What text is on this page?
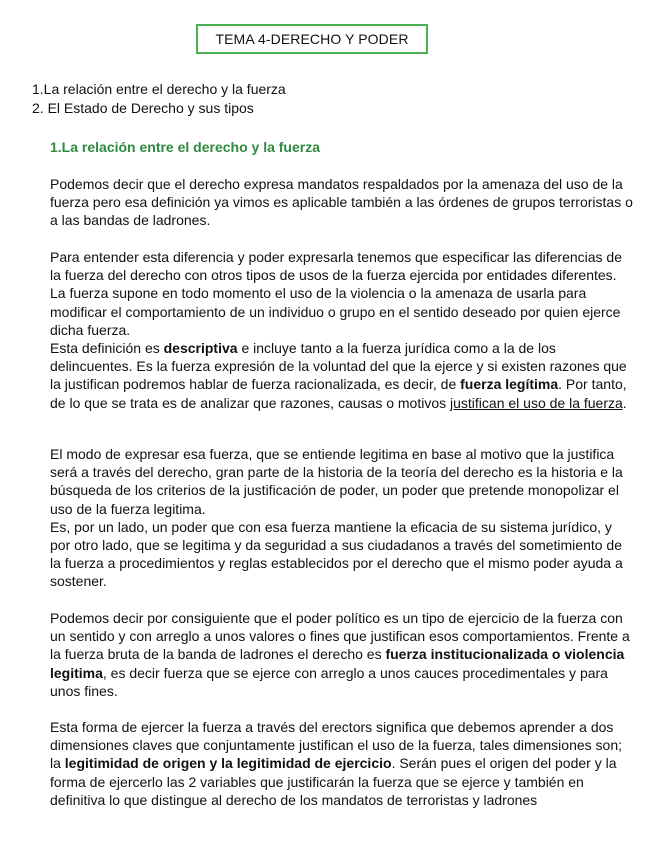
TEMA 4-DERECHO Y PODER
1.La relación entre el derecho y la fuerza
2. El Estado de Derecho y sus tipos
1.La relación entre el derecho y la fuerza

Podemos decir que el derecho expresa mandatos respaldados por la amenaza del uso de la fuerza pero esa definición ya vimos es aplicable también a las órdenes de grupos terroristas o a las bandas de ladrones.

Para entender esta diferencia y poder expresarla tenemos que especificar las diferencias de la fuerza del derecho con otros tipos de usos de la fuerza ejercida por entidades diferentes. La fuerza supone en todo momento el uso de la violencia o la amenaza de usarla para modificar el comportamiento de un individuo o grupo en el sentido deseado por quien ejerce dicha fuerza.

Esta definición es descriptiva e incluye tanto a la fuerza jurídica como a la de los delincuentes. Es la fuerza expresión de la voluntad del que la ejerce y si existen razones que la justifican podremos hablar de fuerza racionalizada, es decir, de fuerza legítima. Por tanto, de lo que se trata es de analizar que razones, causas o motivos justifican el uso de la fuerza.

El modo de expresar esa fuerza, que se entiende legitima en base al motivo que la justifica será a través del derecho, gran parte de la historia de la teoría del derecho es la historia e la búsqueda de los criterios de la justificación de poder, un poder que pretende monopolizar el uso de la fuerza legitima.

Es, por un lado, un poder que con esa fuerza mantiene la eficacia de su sistema jurídico, y por otro lado, que se legitima y da seguridad a sus ciudadanos a través del sometimiento de la fuerza a procedimientos y reglas establecidos por el derecho que el mismo poder ayuda a sostener.

Podemos decir por consiguiente que el poder político es un tipo de ejercicio de la fuerza con un sentido y con arreglo a unos valores o fines que justifican esos comportamientos. Frente a la fuerza bruta de la banda de ladrones el derecho es fuerza institucionalizada o violencia legitima, es decir fuerza que se ejerce con arreglo a unos cauces procedimentales y para unos fines.

Esta forma de ejercer la fuerza a través del erectors significa que debemos aprender a dos dimensiones claves que conjuntamente justifican el uso de la fuerza, tales dimensiones son; la legitimidad de origen y la legitimidad de ejercicio. Serán pues el origen del poder y la forma de ejercerlo las 2 variables que justificarán la fuerza que se ejerce y también en definitiva lo que distingue al derecho de los mandatos de terroristas y ladrones
